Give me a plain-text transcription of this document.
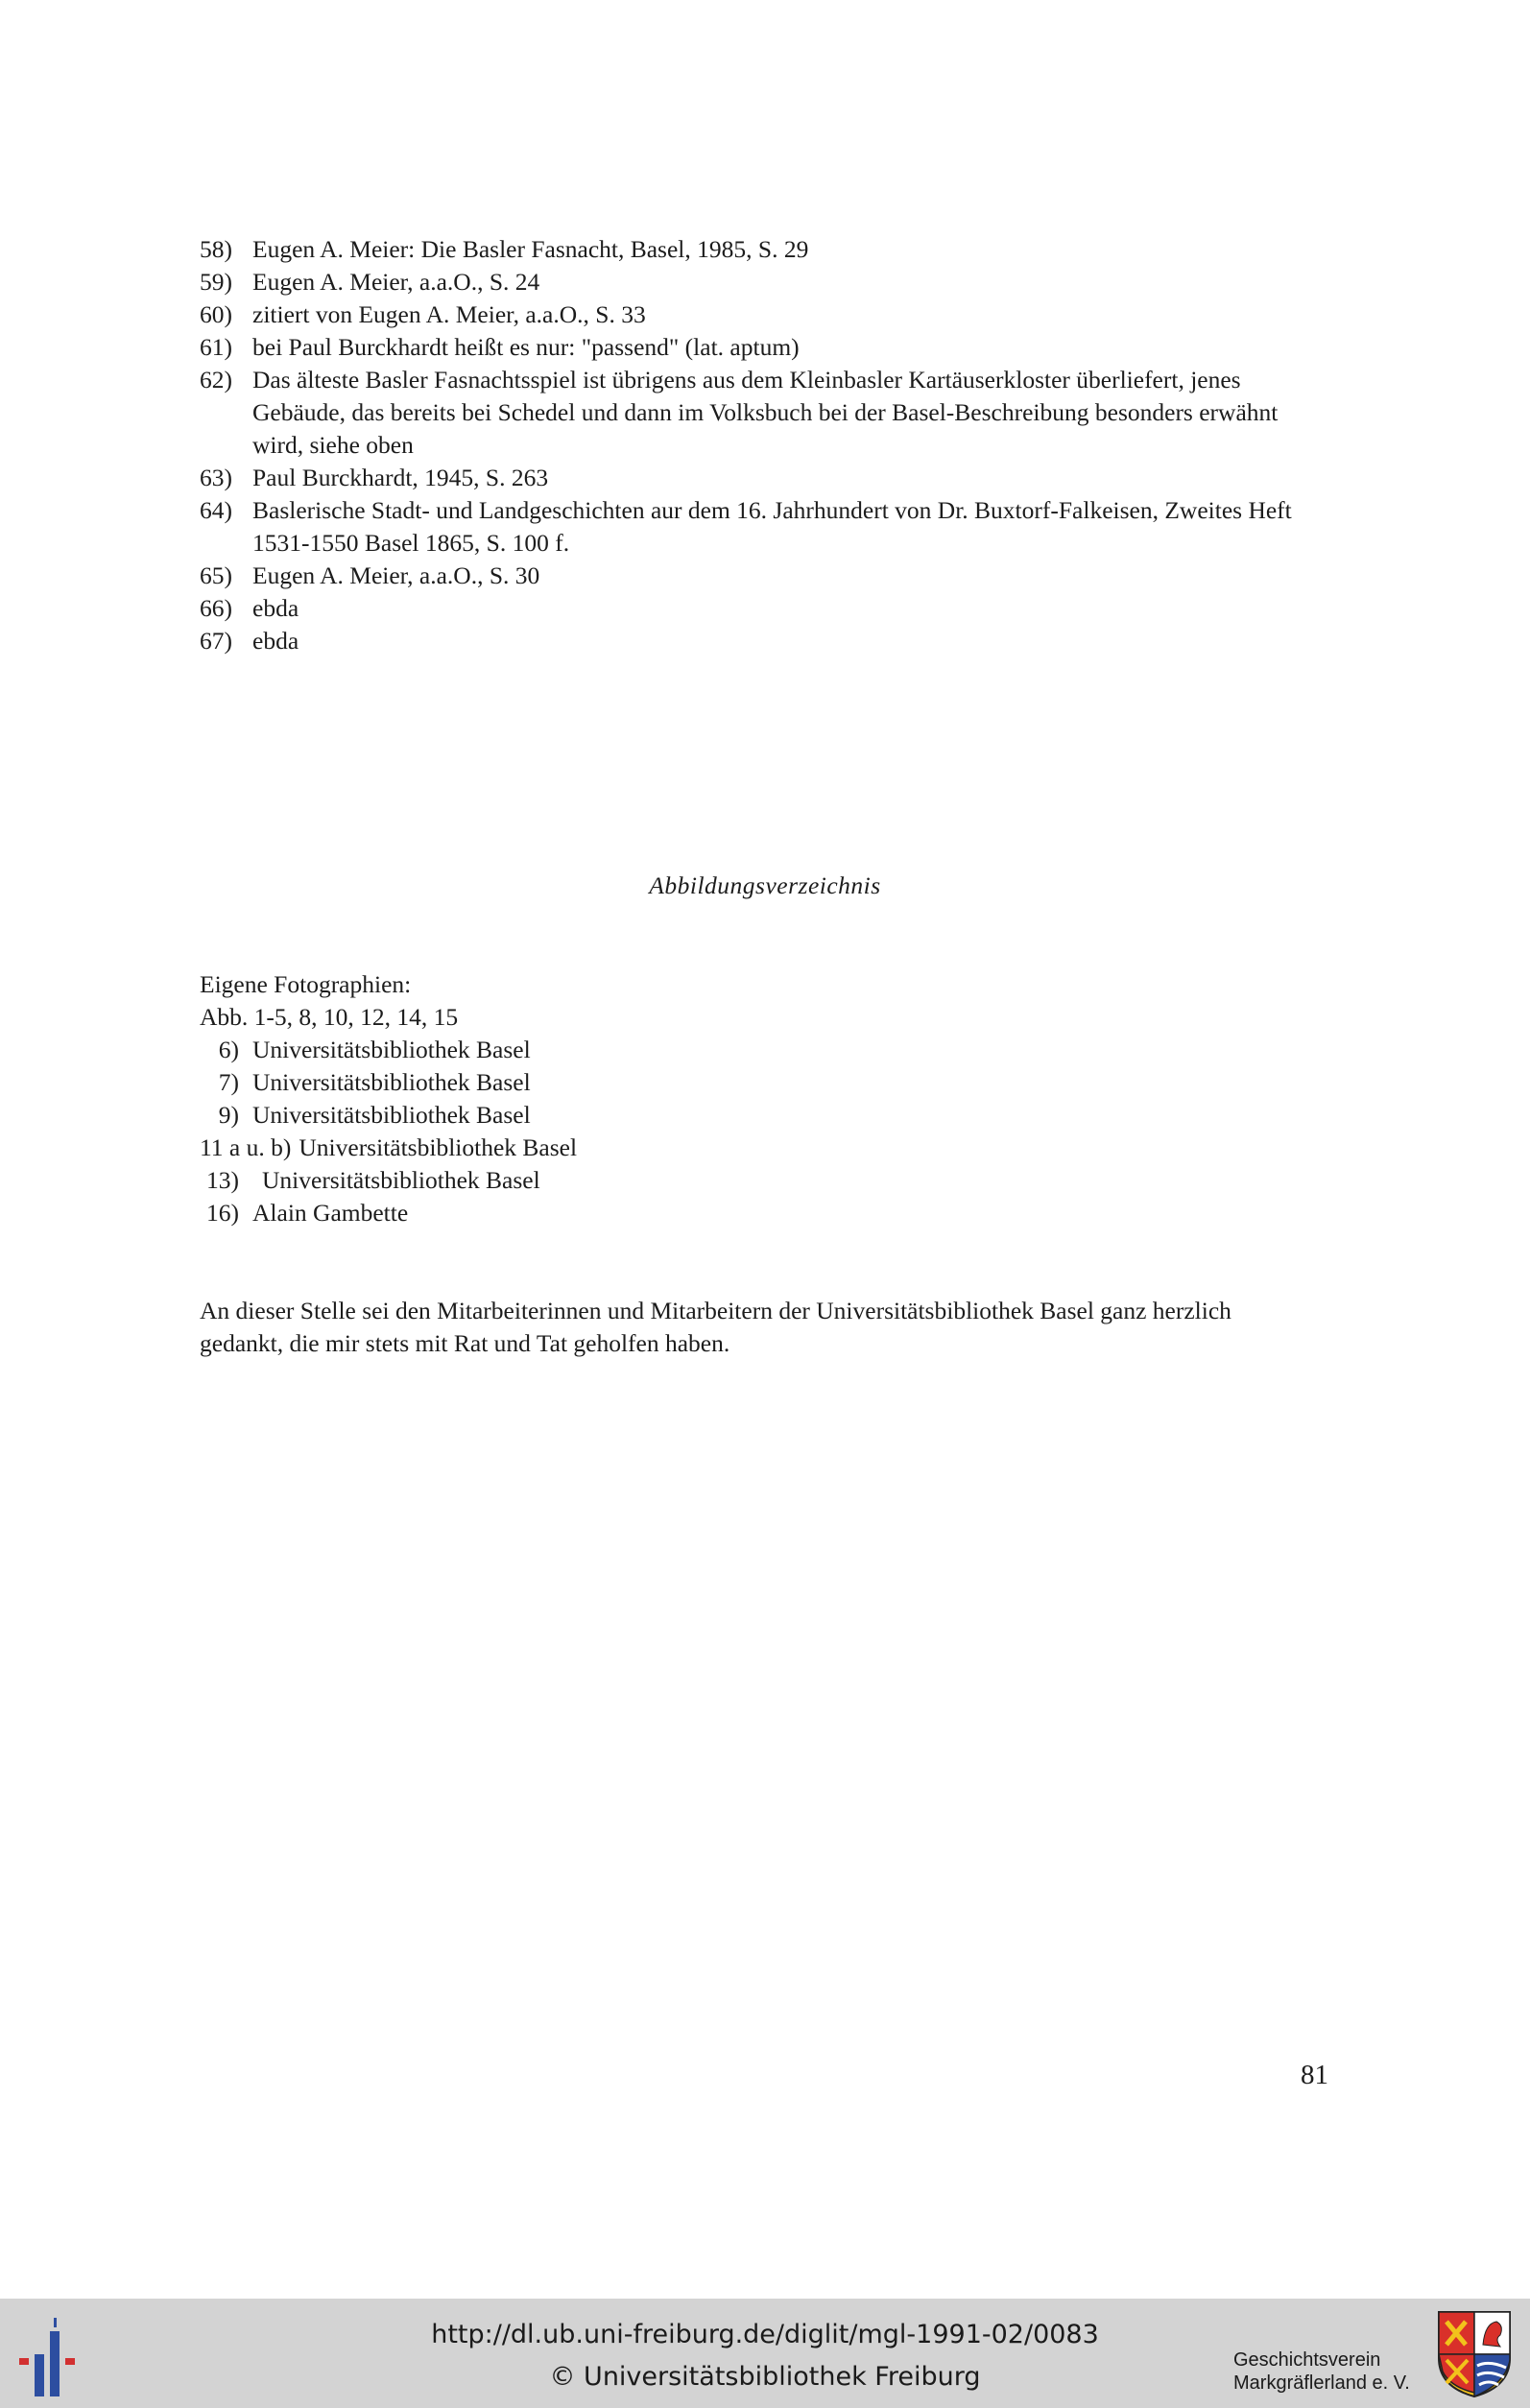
58) Eugen A. Meier: Die Basler Fasnacht, Basel, 1985, S. 29
59) Eugen A. Meier, a.a.O., S. 24
60) zitiert von Eugen A. Meier, a.a.O., S. 33
61) bei Paul Burckhardt heißt es nur: "passend" (lat. aptum)
62) Das älteste Basler Fasnachtsspiel ist übrigens aus dem Kleinbasler Kartäuserkloster überliefert, jenes Gebäude, das bereits bei Schedel und dann im Volksbuch bei der Basel-Beschreibung besonders erwähnt wird, siehe oben
63) Paul Burckhardt, 1945, S. 263
64) Baslerische Stadt- und Landgeschichten aur dem 16. Jahrhundert von Dr. Buxtorf-Falkeisen, Zweites Heft 1531-1550 Basel 1865, S. 100 f.
65) Eugen A. Meier, a.a.O., S. 30
66) ebda
67) ebda
Abbildungsverzeichnis
Eigene Fotographien:
Abb. 1-5, 8, 10, 12, 14, 15
6) Universitätsbibliothek Basel
7) Universitätsbibliothek Basel
9) Universitätsbibliothek Basel
11 a u. b) Universitätsbibliothek Basel
13) Universitätsbibliothek Basel
16) Alain Gambette
An dieser Stelle sei den Mitarbeiterinnen und Mitarbeitern der Universitätsbibliothek Basel ganz herzlich gedankt, die mir stets mit Rat und Tat geholfen haben.
81
http://dl.ub.uni-freiburg.de/diglit/mgl-1991-02/0083
© Universitätsbibliothek Freiburg
Geschichtsverein
Markgräflerland e. V.
